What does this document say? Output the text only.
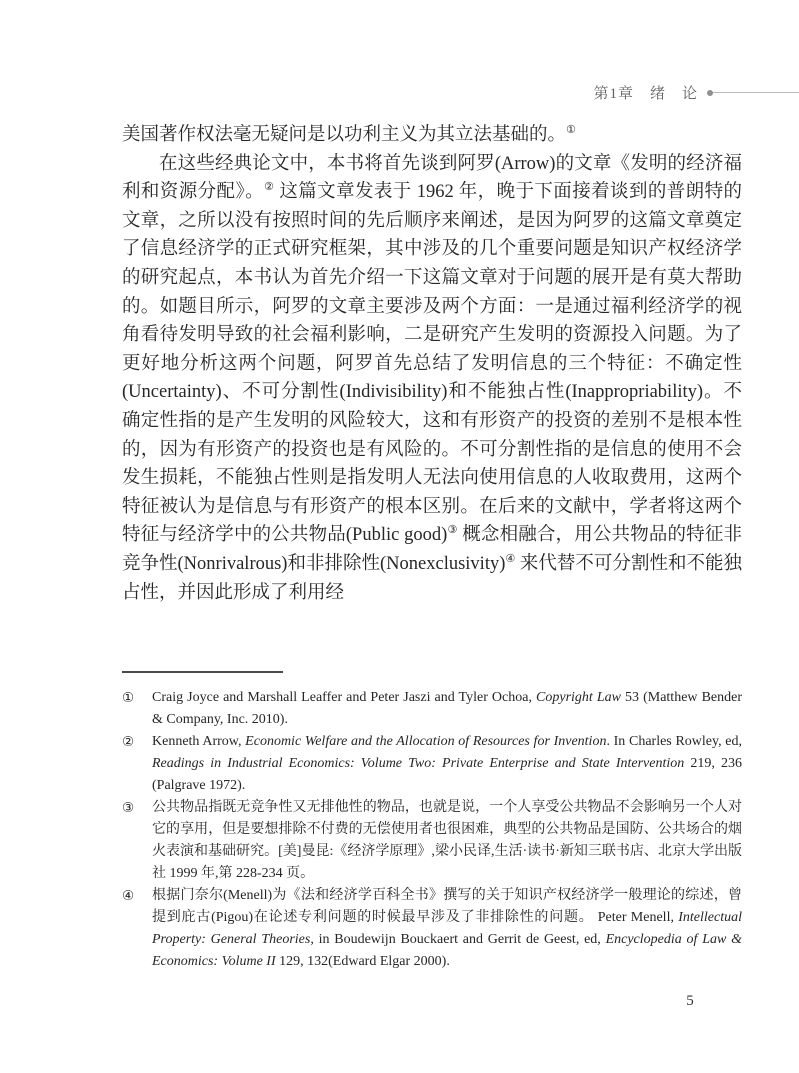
第1章　绪　论

美国著作权法毫无疑问是以功利主义为其立法基础的。①

在这些经典论文中，本书将首先谈到阿罗(Arrow)的文章《发明的经济福利和资源分配》。② 这篇文章发表于 1962 年，晚于下面接着谈到的普朗特的文章，之所以没有按照时间的先后顺序来阐述，是因为阿罗的这篇文章奠定了信息经济学的正式研究框架，其中涉及的几个重要问题是知识产权经济学的研究起点，本书认为首先介绍一下这篇文章对于问题的展开是有莫大帮助的。如题目所示，阿罗的文章主要涉及两个方面：一是通过福利经济学的视角看待发明导致的社会福利影响，二是研究产生发明的资源投入问题。为了更好地分析这两个问题，阿罗首先总结了发明信息的三个特征：不确定性(Uncertainty)、不可分割性(Indivisibility)和不能独占性(Inappropriability)。不确定性指的是产生发明的风险较大，这和有形资产的投资的差别不是根本性的，因为有形资产的投资也是有风险的。不可分割性指的是信息的使用不会发生损耗，不能独占性则是指发明人无法向使用信息的人收取费用，这两个特征被认为是信息与有形资产的根本区别。在后来的文献中，学者将这两个特征与经济学中的公共物品(Public good)③ 概念相融合，用公共物品的特征非竞争性(Nonrivalrous)和非排除性(Nonexclusivity)④ 来代替不可分割性和不能独占性，并因此形成了利用经

①	Craig Joyce and Marshall Leaffer and Peter Jaszi and Tyler Ochoa, Copyright Law 53 (Matthew Bender & Company, Inc. 2010).
②	Kenneth Arrow, Economic Welfare and the Allocation of Resources for Invention. In Charles Rowley, ed, Readings in Industrial Economics: Volume Two: Private Enterprise and State Intervention 219, 236 (Palgrave 1972).
③	公共物品指既无竞争性又无排他性的物品，也就是说，一个人享受公共物品不会影响另一个人对它的享用，但是要想排除不付费的无偿使用者也很困难，典型的公共物品是国防、公共场合的烟火表演和基础研究。[美]曼昆:《经济学原理》,梁小民译,生活·读书·新知三联书店、北京大学出版社 1999 年,第 228-234 页。
④	根据门奈尔(Menell)为《法和经济学百科全书》撰写的关于知识产权经济学一般理论的综述，曾提到庇古(Pigou)在论述专利问题的时候最早涉及了非排除性的问题。 Peter Menell, Intellectual Property: General Theories, in Boudewijn Bouckaert and Gerrit de Geest, ed, Encyclopedia of Law & Economics: Volume II 129, 132(Edward Elgar 2000).
5
